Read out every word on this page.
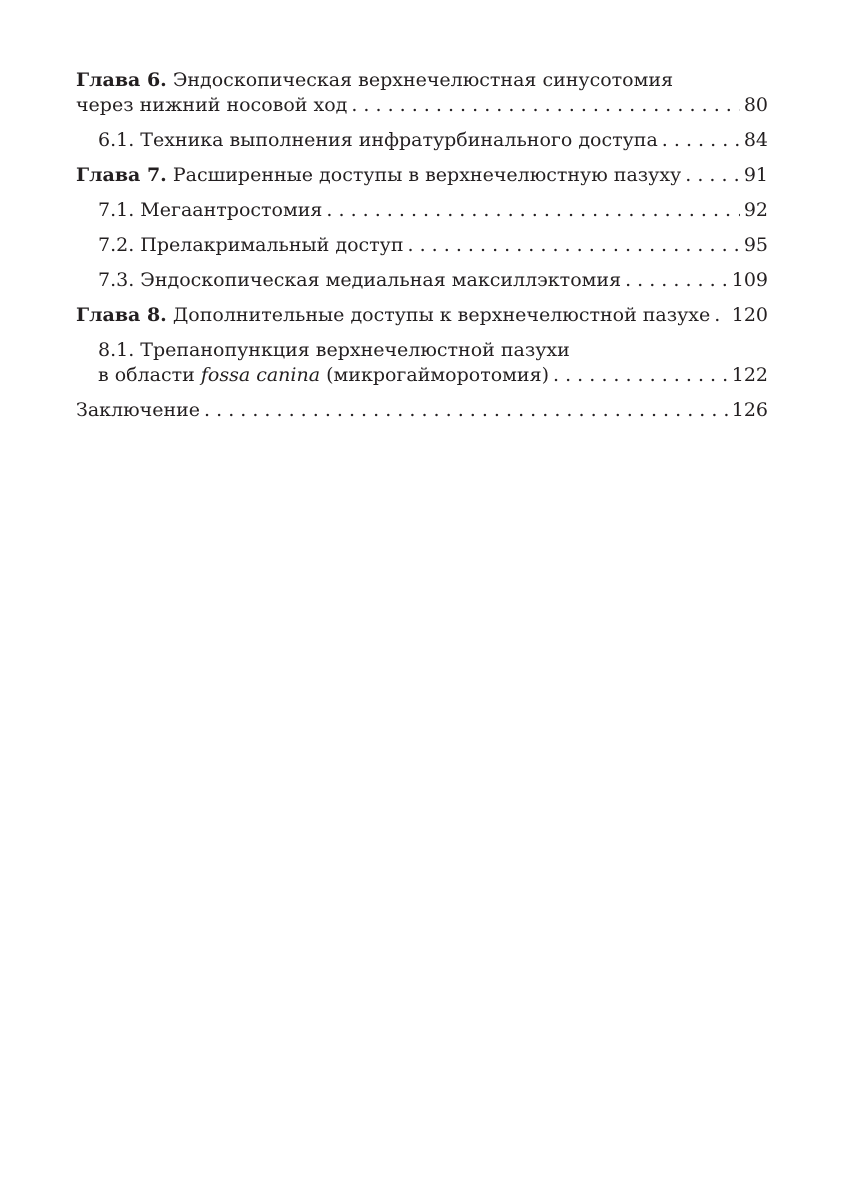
Глава 6. Эндоскопическая верхнечелюстная синусотомия
через нижний носовой ход . . .	80
6.1. Техника выполнения инфратурбинального доступа . . .	84
Глава 7. Расширенные доступы в верхнечелюстную пазуху . . .	91
7.1. Мегаантростомия . . .	92
7.2. Прелакримальный доступ . . .	95
7.3. Эндоскопическая медиальная максиллэктомия . . .	109
Глава 8. Дополнительные доступы к верхнечелюстной пазухе . . . 120
8.1. Трепанопункция верхнечелюстной пазухи
в области fossa canina (микрогайморотомия) . . .	122
Заключение . . .	126
